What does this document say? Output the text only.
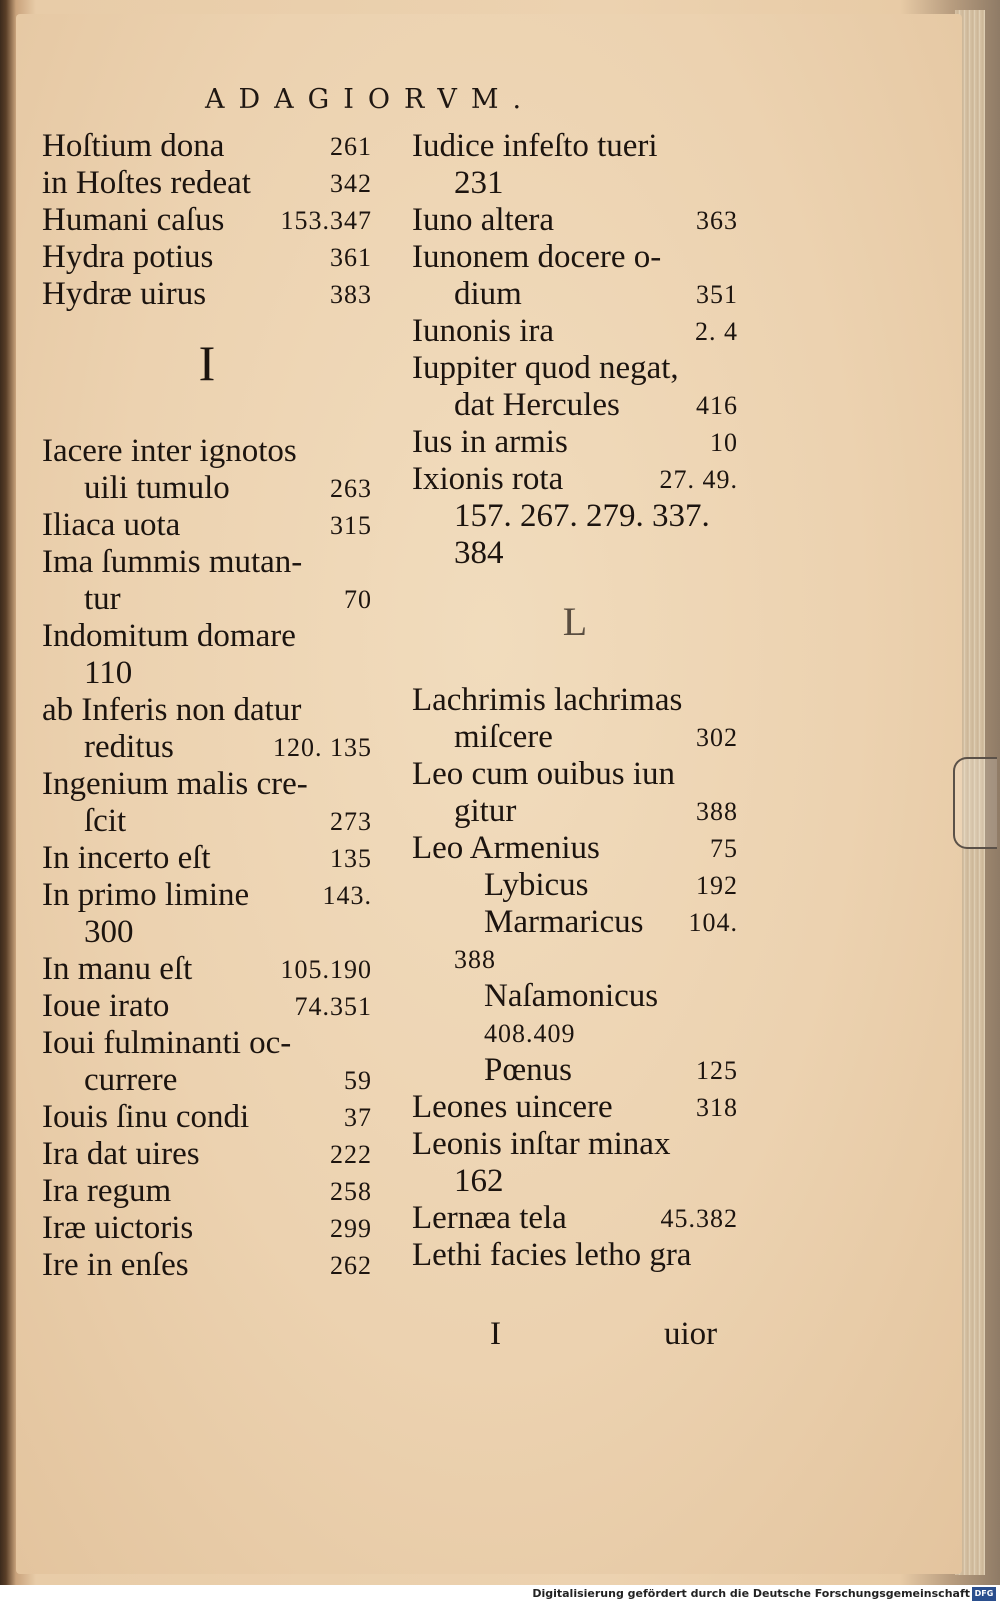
ADAGIORVM.
Hoſtium dona	261
in Hoſtes redeat	342
Humani caſus 153.347
Hydra potius	361
Hydræ uirus	383
I
Iacere inter ignotos
uili tumulo	263
Iliaca uota	315
Ima ſummis mutan-
tur	70
Indomitum domare
110
ab Inferis non datur
reditus	120. 135
Ingenium malis cre-
ſcit	273
In incerto eſt	135
In primo limine	143.
300
In manu eſt	105.190
Ioue irato	74.351
Ioui fulminanti oc-
currere	59
Iouis ſinu condi	37
Ira dat uires	222
Ira regum	258
Iræ uictoris	299
Ire in enſes	262
Iudice infeſto tueri
231
Iuno altera	363
Iunonem docere o-
dium	351
Iunonis ira	2. 4
Iuppiter quod negat,
dat Hercules	416
Ius in armis	10
Ixionis rota	27. 49.
157. 267. 279. 337.
384
L
Lachrimis lachrimas
miſcere	302
Leo cum ouibus iun
gitur	388
Leo Armenius	75
Lybicus	192
Marmaricus 104.
388
Naſamonicus
408.409
Pœnus	125
Leones uincere	318
Leonis inſtar minax
162
Lernæa tela	45.382
Lethi facies letho gra
I	uior
Digitalisierung gefördert durch die Deutsche Forschungsgemeinschaft DFG
